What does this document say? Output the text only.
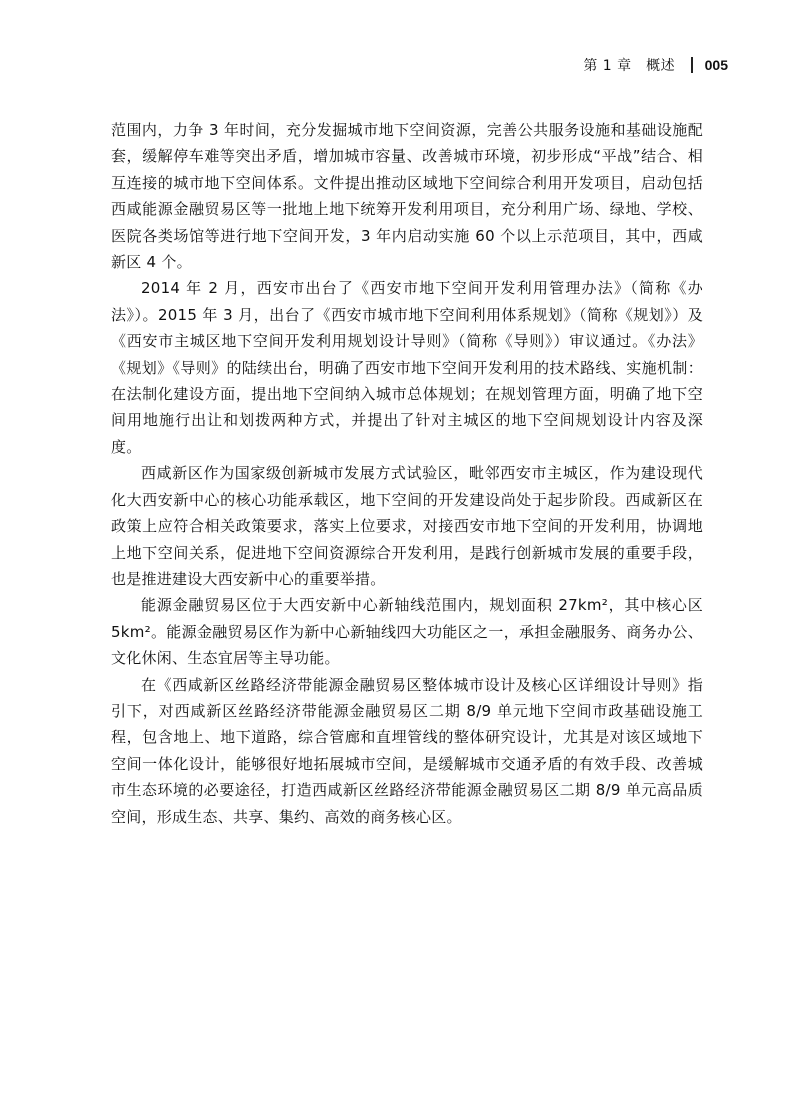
第 1 章　概述 005

范围内，力争 3 年时间，充分发掘城市地下空间资源，完善公共服务设施和基础设施配套，缓解停车难等突出矛盾，增加城市容量、改善城市环境，初步形成“平战”结合、相互连接的城市地下空间体系。文件提出推动区域地下空间综合利用开发项目，启动包括西咸能源金融贸易区等一批地上地下统筹开发利用项目，充分利用广场、绿地、学校、医院各类场馆等进行地下空间开发，3 年内启动实施 60 个以上示范项目，其中，西咸新区 4 个。

2014 年 2 月，西安市出台了《西安市地下空间开发利用管理办法》（简称《办法》）。2015 年 3 月，出台了《西安市城市地下空间利用体系规划》（简称《规划》）及《西安市主城区地下空间开发利用规划设计导则》（简称《导则》）审议通过。《办法》《规划》《导则》的陆续出台，明确了西安市地下空间开发利用的技术路线、实施机制：在法制化建设方面，提出地下空间纳入城市总体规划；在规划管理方面，明确了地下空间用地施行出让和划拨两种方式，并提出了针对主城区的地下空间规划设计内容及深度。

西咸新区作为国家级创新城市发展方式试验区，毗邻西安市主城区，作为建设现代化大西安新中心的核心功能承载区，地下空间的开发建设尚处于起步阶段。西咸新区在政策上应符合相关政策要求，落实上位要求，对接西安市地下空间的开发利用，协调地上地下空间关系，促进地下空间资源综合开发利用，是践行创新城市发展的重要手段，也是推进建设大西安新中心的重要举措。

能源金融贸易区位于大西安新中心新轴线范围内，规划面积 27km²，其中核心区 5km²。能源金融贸易区作为新中心新轴线四大功能区之一，承担金融服务、商务办公、文化休闲、生态宜居等主导功能。

在《西咸新区丝路经济带能源金融贸易区整体城市设计及核心区详细设计导则》指引下，对西咸新区丝路经济带能源金融贸易区二期 8/9 单元地下空间市政基础设施工程，包含地上、地下道路，综合管廊和直埋管线的整体研究设计，尤其是对该区域地下空间一体化设计，能够很好地拓展城市空间，是缓解城市交通矛盾的有效手段、改善城市生态环境的必要途径，打造西咸新区丝路经济带能源金融贸易区二期 8/9 单元高品质空间，形成生态、共享、集约、高效的商务核心区。
